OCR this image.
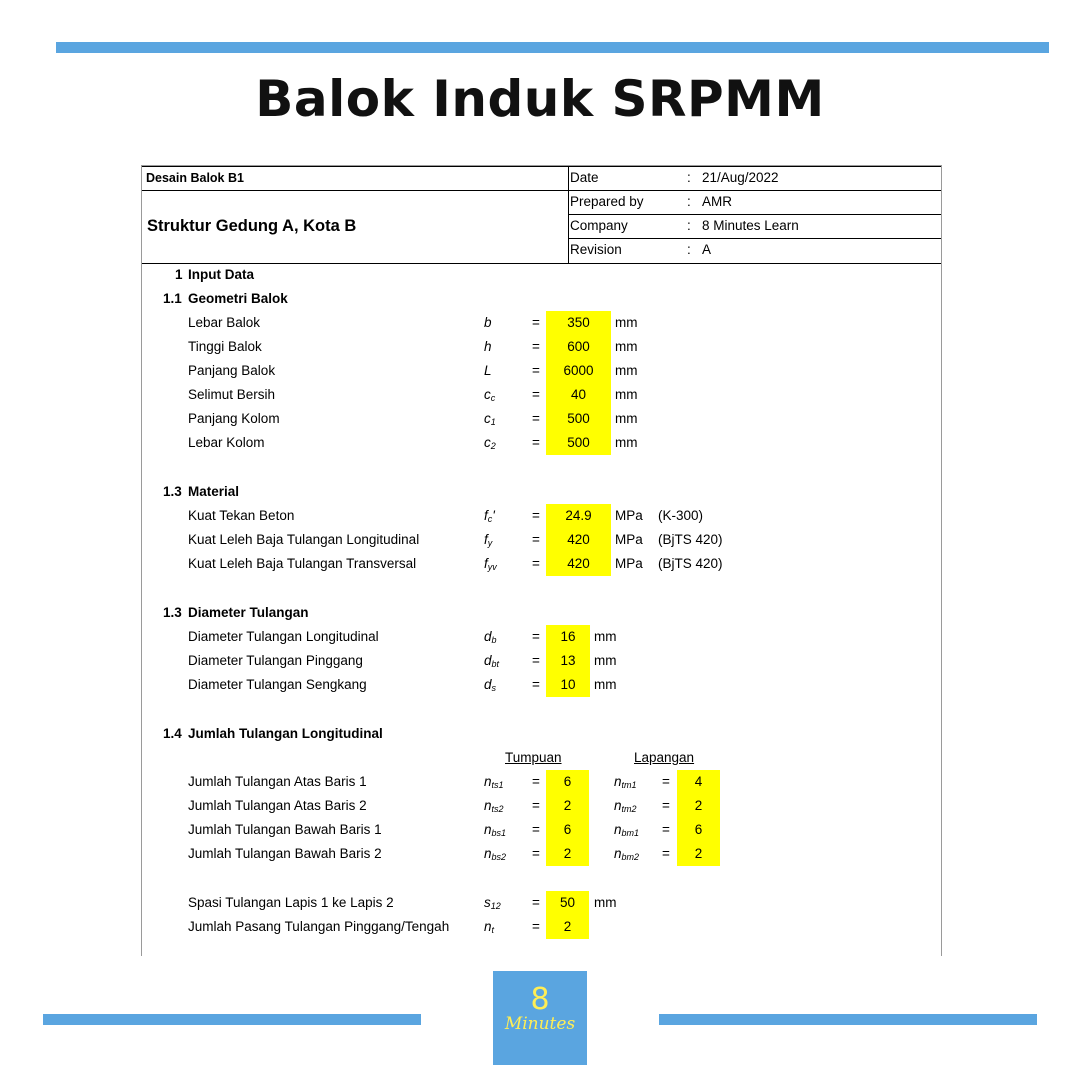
Balok Induk SRPMM
Desain Balok B1
Struktur Gedung A, Kota B
Date	: 21/Aug/2022
Prepared by	: AMR
Company	: 8 Minutes Learn
Revision	: A
1 Input Data
1.1 Geometri Balok
Lebar Balok	b	=	350	mm
Tinggi Balok	h	=	600	mm
Panjang Balok	L	=	6000	mm
Selimut Bersih	$c_c$	=	40	mm
Panjang Kolom	$c_1$	=	500	mm
Lebar Kolom	$c_2$	=	500	mm
1.3 Material
Kuat Tekan Beton	$f_c'$	=	24.9	MPa (K-300)
Kuat Leleh Baja Tulangan Longitudinal	$f_y$	=	420	MPa (BjTS 420)
Kuat Leleh Baja Tulangan Transversal	$f_{yv}$	=	420	MPa (BjTS 420)
1.3 Diameter Tulangan
Diameter Tulangan Longitudinal	$d_b$	=	16	mm
Diameter Tulangan Pinggang	$d_{bt}$ =	13	mm
Diameter Tulangan Sengkang	$d_s$	=	10	mm
1.4 Jumlah Tulangan Longitudinal
Tumpuan	Lapangan
Jumlah Tulangan Atas Baris 1	$n_{ts1}$ =	6	$n_{tm1}$ =	4
Jumlah Tulangan Atas Baris 2	$n_{ts2}$ =	2	$n_{tm2}$ =	2
Jumlah Tulangan Bawah Baris 1	$n_{bs1}$ =	6	$n_{bm1}$ =	6
Jumlah Tulangan Bawah Baris 2	$n_{bs2}$ =	2	$n_{bm2}$ =	2
Spasi Tulangan Lapis 1 ke Lapis 2	$s_{12}$ =	50	mm
Jumlah Pasang Tulangan Pinggang/Tengah	$n_t$	=	2
8
Minutes
